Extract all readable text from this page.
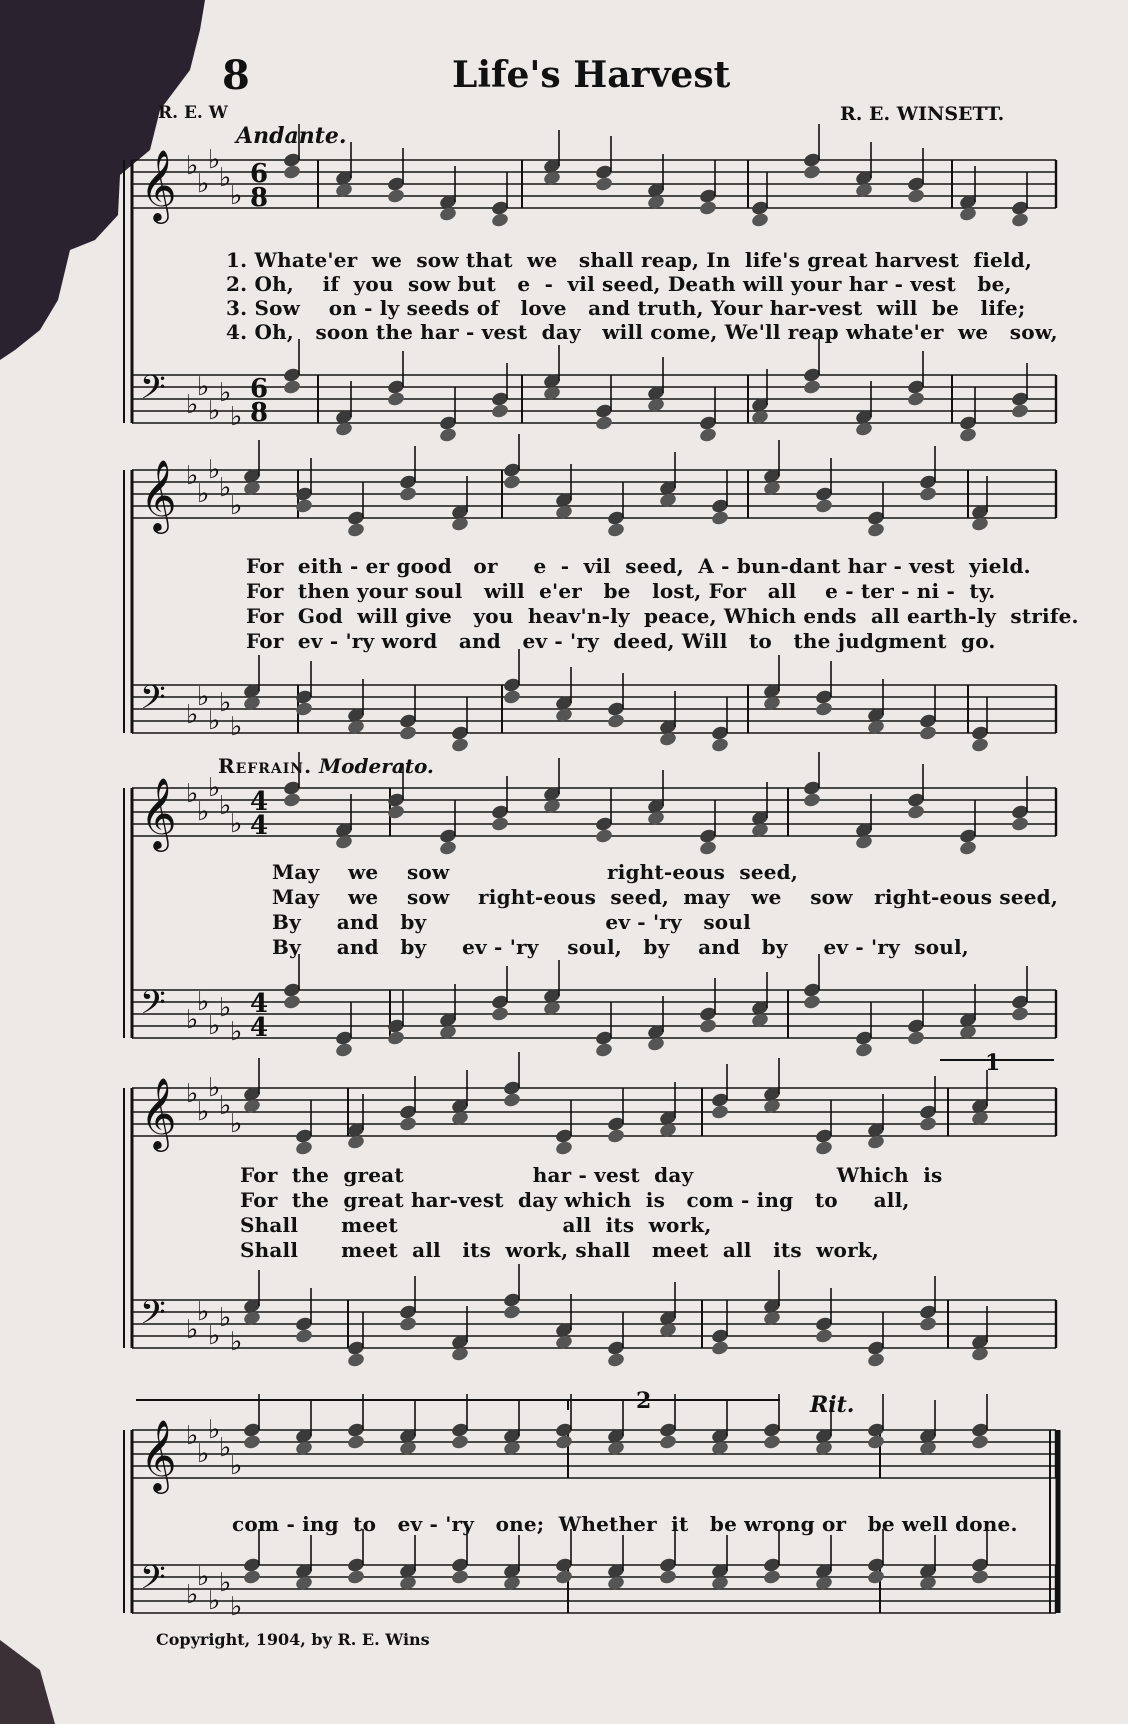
8	Life's Harvest
R. E. W	R. E. WINSETT.
Andante.
Refrain. Moderato.
Rit.
1
2
𝄞 ♭
♭
♭
♭
♭
6
8
𝄢 ♭
♭
♭
♭
♭
6
8
𝄞 ♭
♭
♭
♭
♭
𝄢 ♭
♭
♭
♭
♭
𝄞 ♭
♭
♭
♭
♭
4
4
𝄢 ♭
♭
♭
♭
♭
4
4
𝄞 ♭
♭
♭
♭
♭
𝄢 ♭
♭
♭
♭
♭
𝄞 ♭
♭
♭
♭
♭
𝄢 ♭
♭
♭
♭
♭
1. Whate'er  we  sow that  we   shall reap, In  life's great harvest  field,
2. Oh,    if  you  sow but   e  -  vil seed, Death will your har - vest   be,
3. Sow    on - ly seeds of   love   and truth, Your har-vest  will  be   life;
4. Oh,   soon the har - vest  day   will come, We'll reap whate'er  we   sow,
For  eith - er good   or     e  -  vil  seed,  A - bun-dant har - vest  yield.
For  then your soul   will  e'er   be   lost, For   all    e - ter - ni -  ty.
For  God  will give   you  heav'n-ly  peace, Which ends  all earth-ly  strife.
For  ev - 'ry word   and   ev - 'ry  deed, Will   to   the judgment  go.
May    we    sow                      right-eous  seed,
May    we    sow    right-eous  seed,  may   we    sow   right-eous seed,
By     and   by                         ev - 'ry   soul
By     and   by     ev - 'ry    soul,   by    and   by     ev - 'ry  soul,
For  the  great                  har - vest  day                    Which  is
For  the  great har-vest  day which  is   com - ing   to     all,
Shall      meet                       all  its  work,
Shall      meet  all   its  work, shall   meet  all   its  work,
com - ing  to   ev - 'ry   one;  Whether  it   be wrong or   be well done.
Copyright, 1904, by R. E. Wins
